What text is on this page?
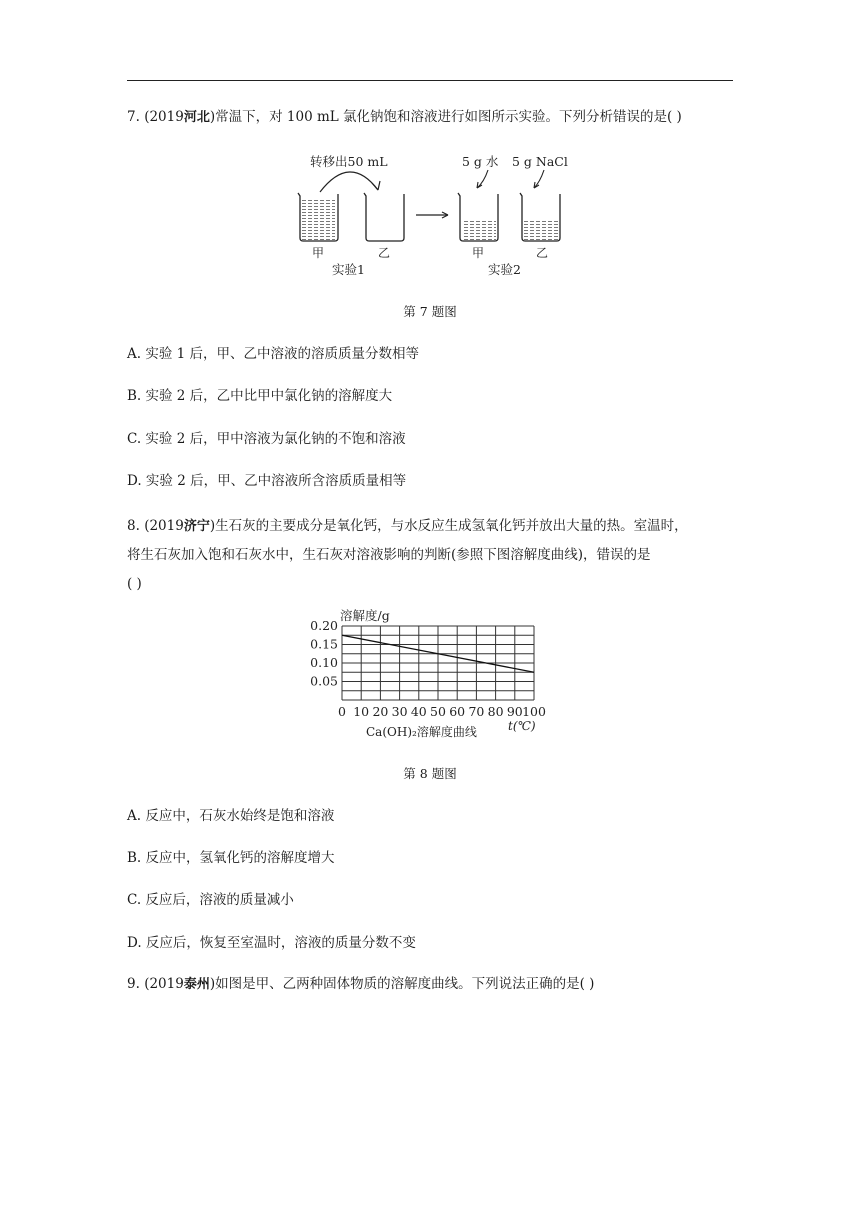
7. (2019河北)常温下，对 100 mL 氯化钠饱和溶液进行如图所示实验。下列分析错误的是( )
转移出50 mL
甲	乙
实验1
5 g 水 5 g NaCl
甲	乙
实验2
第 7 题图
A. 实验 1 后，甲、乙中溶液的溶质质量分数相等
B. 实验 2 后，乙中比甲中氯化钠的溶解度大
C. 实验 2 后，甲中溶液为氯化钠的不饱和溶液
D. 实验 2 后，甲、乙中溶液所含溶质质量相等
8. (2019济宁)生石灰的主要成分是氧化钙，与水反应生成氢氧化钙并放出大量的热。室温时，
将生石灰加入饱和石灰水中，生石灰对溶液影响的判断(参照下图溶解度曲线)，错误的是
( )
溶解度/g
0.20
0.15
0.10
0.05
0 10 20 30 40 50 60 70 80 90 100
t(℃)
Ca(OH)₂溶解度曲线
第 8 题图
A. 反应中，石灰水始终是饱和溶液
B. 反应中，氢氧化钙的溶解度增大
C. 反应后，溶液的质量减小
D. 反应后，恢复至室温时，溶液的质量分数不变
9. (2019泰州)如图是甲、乙两种固体物质的溶解度曲线。下列说法正确的是( )
